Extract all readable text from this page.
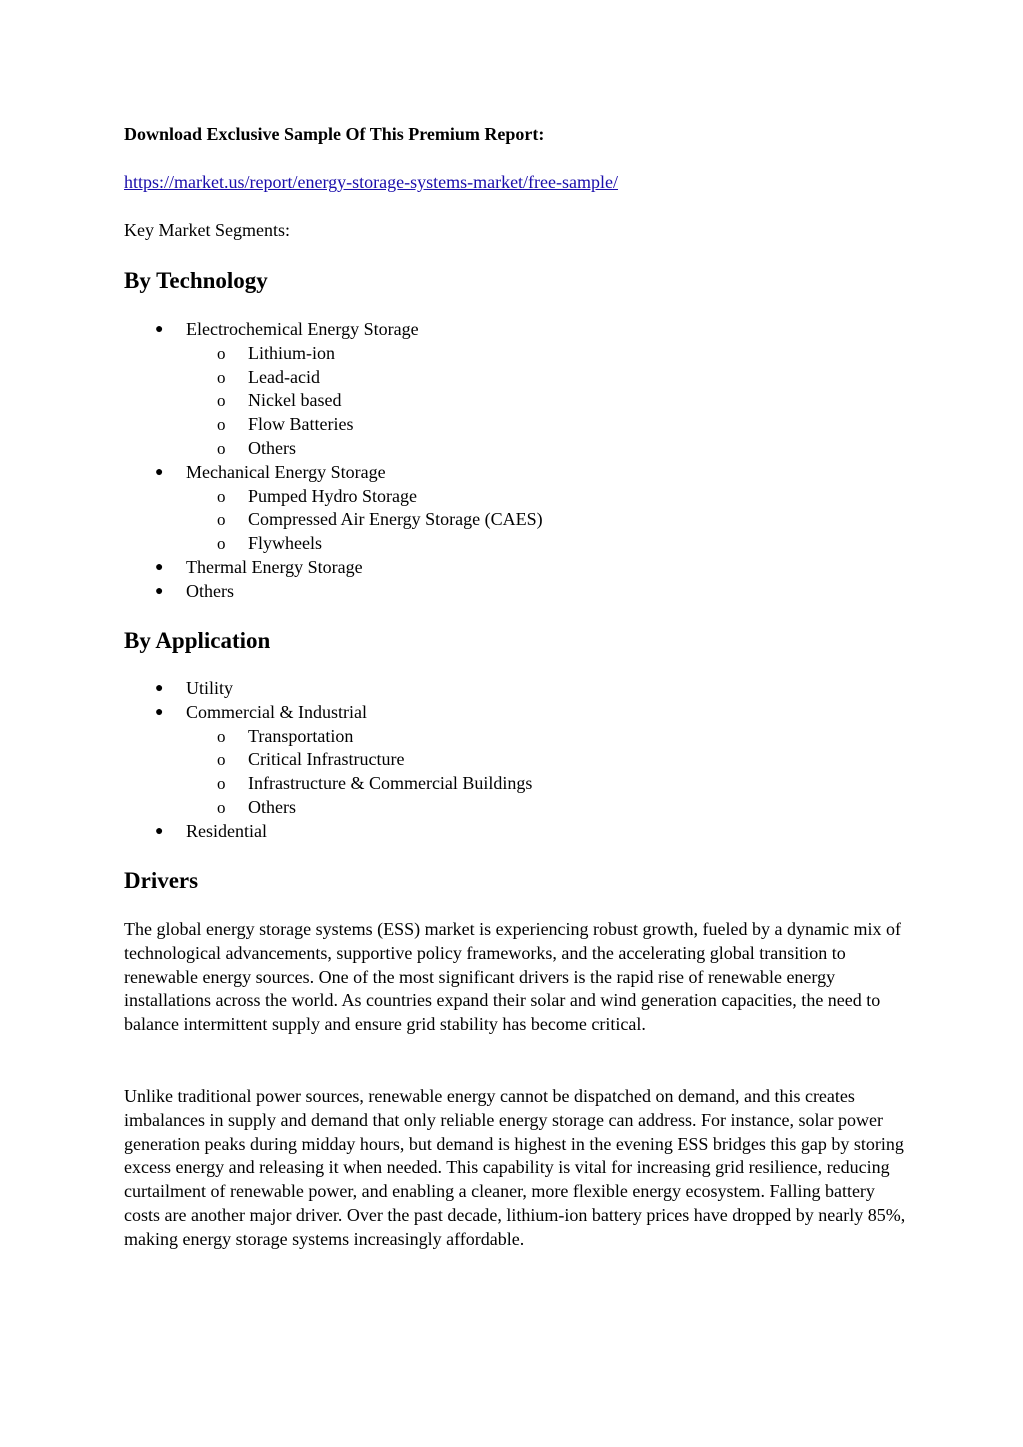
Download Exclusive Sample Of This Premium Report:
https://market.us/report/energy-storage-systems-market/free-sample/
Key Market Segments:
By Technology
● Electrochemical Energy Storage
o Lithium-ion
o Lead-acid
o Nickel based
o Flow Batteries
o Others
● Mechanical Energy Storage
o Pumped Hydro Storage
o Compressed Air Energy Storage (CAES)
o Flywheels
● Thermal Energy Storage
● Others
By Application
● Utility
● Commercial & Industrial
o Transportation
o Critical Infrastructure
o Infrastructure & Commercial Buildings
o Others
● Residential
Drivers

The global energy storage systems (ESS) market is experiencing robust growth, fueled by a dynamic mix of technological advancements, supportive policy frameworks, and the accelerating global transition to renewable energy sources. One of the most significant drivers is the rapid rise of renewable energy installations across the world. As countries expand their solar and wind generation capacities, the need to balance intermittent supply and ensure grid stability has become critical.

Unlike traditional power sources, renewable energy cannot be dispatched on demand, and this creates imbalances in supply and demand that only reliable energy storage can address. For instance, solar power generation peaks during midday hours, but demand is highest in the evening ESS bridges this gap by storing excess energy and releasing it when needed. This capability is vital for increasing grid resilience, reducing curtailment of renewable power, and enabling a cleaner, more flexible energy ecosystem. Falling battery costs are another major driver. Over the past decade, lithium-ion battery prices have dropped by nearly 85%, making energy storage systems increasingly affordable.
